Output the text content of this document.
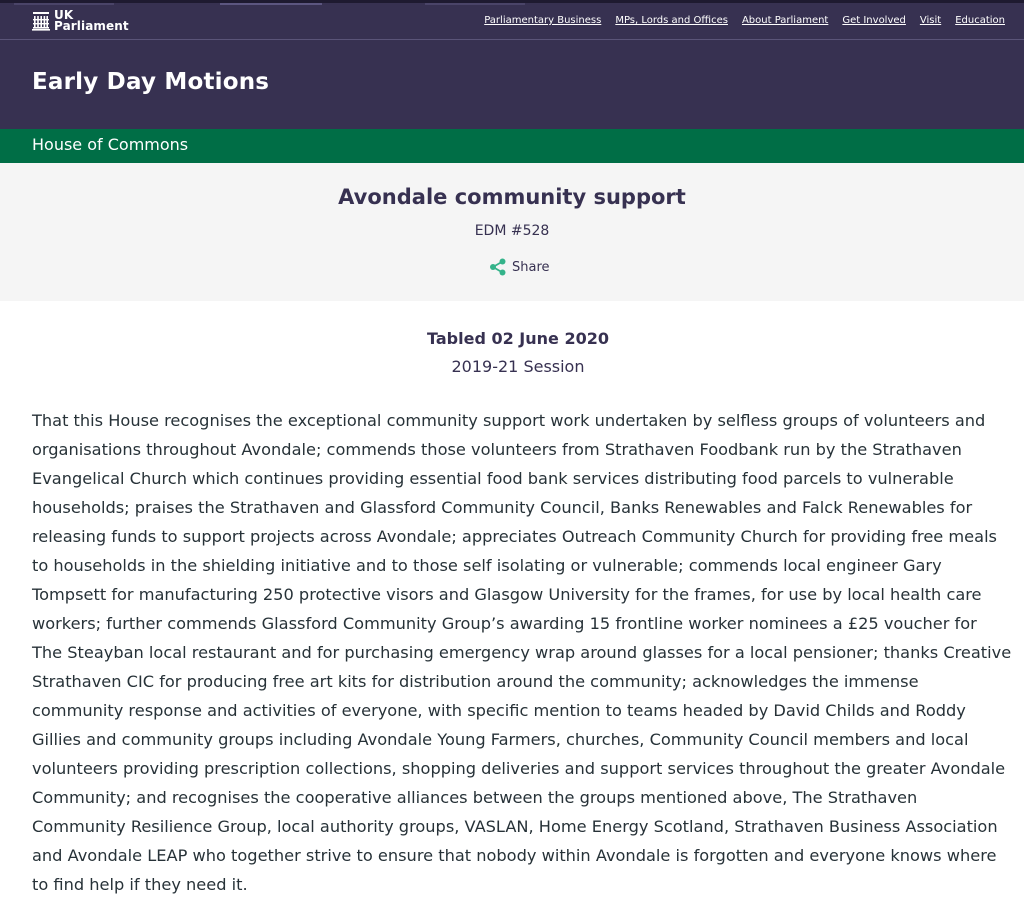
UK
Parliament	Parliamentary Business MPs, Lords and Offices About Parliament Get Involved Visit Education
Early Day Motions
House of Commons
Avondale community support
EDM #528
Share
Tabled 02 June 2020
2019-21 Session

That this House recognises the exceptional community support work undertaken by selfless groups of volunteers and organisations throughout Avondale; commends those volunteers from Strathaven Foodbank run by the Strathaven Evangelical Church which continues providing essential food bank services distributing food parcels to vulnerable households; praises the Strathaven and Glassford Community Council, Banks Renewables and Falck Renewables for releasing funds to support projects across Avondale; appreciates Outreach Community Church for providing free meals to households in the shielding initiative and to those self isolating or vulnerable; commends local engineer Gary Tompsett for manufacturing 250 protective visors and Glasgow University for the frames, for use by local health care workers; further commends Glassford Community Group’s awarding 15 frontline worker nominees a £25 voucher for The Steayban local restaurant and for purchasing emergency wrap around glasses for a local pensioner; thanks Creative Strathaven CIC for producing free art kits for distribution around the community; acknowledges the immense community response and activities of everyone, with specific mention to teams headed by David Childs and Roddy Gillies and community groups including Avondale Young Farmers, churches, Community Council members and local volunteers providing prescription collections, shopping deliveries and support services throughout the greater Avondale Community; and recognises the cooperative alliances between the groups mentioned above, The Strathaven Community Resilience Group, local authority groups, VASLAN, Home Energy Scotland, Strathaven Business Association and Avondale LEAP who together strive to ensure that nobody within Avondale is forgotten and everyone knows where to find help if they need it.
